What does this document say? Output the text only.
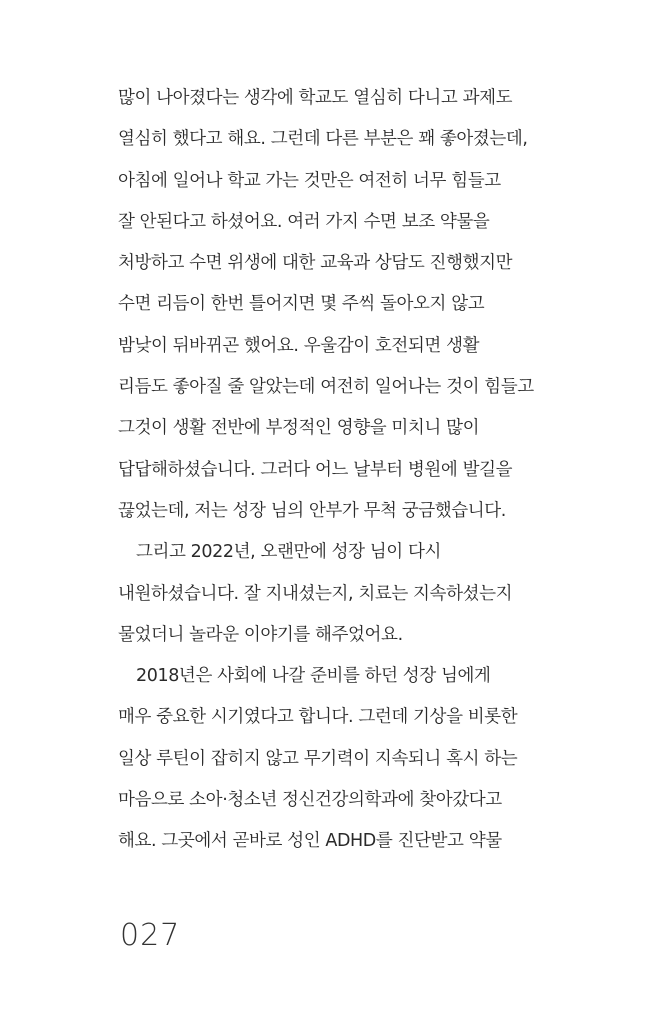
많이 나아졌다는 생각에 학교도 열심히 다니고 과제도
열심히 했다고 해요. 그런데 다른 부분은 꽤 좋아졌는데,
아침에 일어나 학교 가는 것만은 여전히 너무 힘들고
잘 안된다고 하셨어요. 여러 가지 수면 보조 약물을
처방하고 수면 위생에 대한 교육과 상담도 진행했지만
수면 리듬이 한번 틀어지면 몇 주씩 돌아오지 않고
밤낮이 뒤바뀌곤 했어요. 우울감이 호전되면 생활
리듬도 좋아질 줄 알았는데 여전히 일어나는 것이 힘들고
그것이 생활 전반에 부정적인 영향을 미치니 많이
답답해하셨습니다. 그러다 어느 날부터 병원에 발길을
끊었는데, 저는 성장 님의 안부가 무척 궁금했습니다.
그리고 2022년, 오랜만에 성장 님이 다시
내원하셨습니다. 잘 지내셨는지, 치료는 지속하셨는지
물었더니 놀라운 이야기를 해주었어요.
2018년은 사회에 나갈 준비를 하던 성장 님에게
매우 중요한 시기였다고 합니다. 그런데 기상을 비롯한
일상 루틴이 잡히지 않고 무기력이 지속되니 혹시 하는
마음으로 소아·청소년 정신건강의학과에 찾아갔다고
해요. 그곳에서 곧바로 성인 ADHD를 진단받고 약물
027
